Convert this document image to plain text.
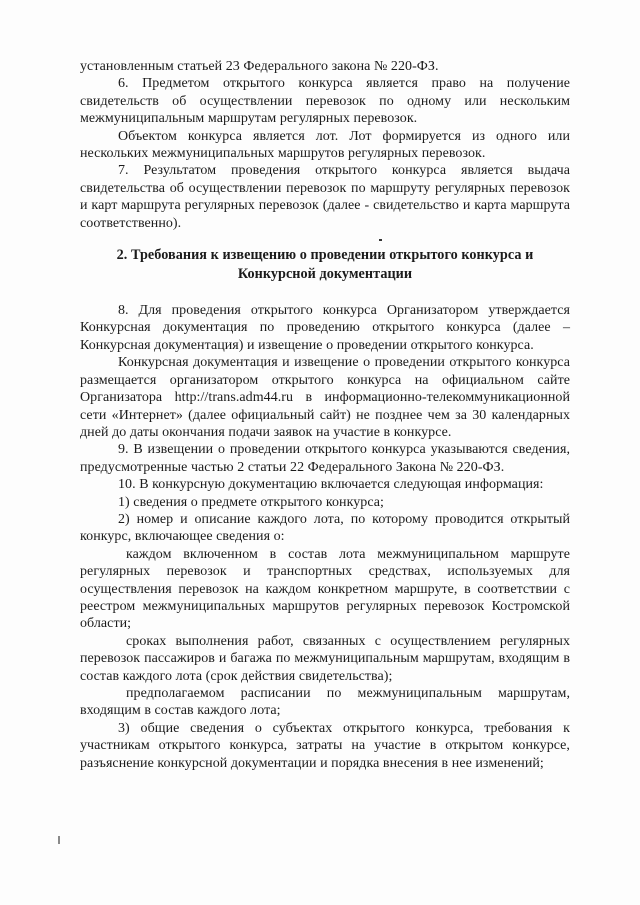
установленным статьей 23 Федерального закона № 220-ФЗ.

6. Предметом открытого конкурса является право на получение свидетельств об осуществлении перевозок по одному или нескольким межмуниципальным маршрутам регулярных перевозок.

Объектом конкурса является лот. Лот формируется из одного или нескольких межмуниципальных маршрутов регулярных перевозок.

7. Результатом проведения открытого конкурса является выдача свидетельства об осуществлении перевозок по маршруту регулярных перевозок и карт маршрута регулярных перевозок (далее - свидетельство и карта маршрута соответственно).

2. Требования к извещению о проведении открытого конкурса и

Конкурсной документации

8. Для проведения открытого конкурса Организатором утверждается Конкурсная документация по проведению открытого конкурса (далее – Конкурсная документация) и извещение о проведении открытого конкурса.

Конкурсная документация и извещение о проведении открытого конкурса размещается организатором открытого конкурса на официальном сайте Организатора http://trans.adm44.ru в информационно-телекоммуникационной сети «Интернет» (далее официальный сайт) не позднее чем за 30 календарных дней до даты окончания подачи заявок на участие в конкурсе.

9. В извещении о проведении открытого конкурса указываются сведения, предусмотренные частью 2 статьи 22 Федерального Закона № 220-ФЗ.

10. В конкурсную документацию включается следующая информация:

1) сведения о предмете открытого конкурса;

2) номер и описание каждого лота, по которому проводится открытый конкурс, включающее сведения о:

каждом включенном в состав лота межмуниципальном маршруте регулярных перевозок и транспортных средствах, используемых для осуществления перевозок на каждом конкретном маршруте, в соответствии с реестром межмуниципальных маршрутов регулярных перевозок Костромской области;

сроках выполнения работ, связанных с осуществлением регулярных перевозок пассажиров и багажа по межмуниципальным маршрутам, входящим в состав каждого лота (срок действия свидетельства);

предполагаемом расписании по межмуниципальным маршрутам, входящим в состав каждого лота;

3) общие сведения о субъектах открытого конкурса, требования к участникам открытого конкурса, затраты на участие в открытом конкурсе, разъяснение конкурсной документации и порядка внесения в нее изменений;
